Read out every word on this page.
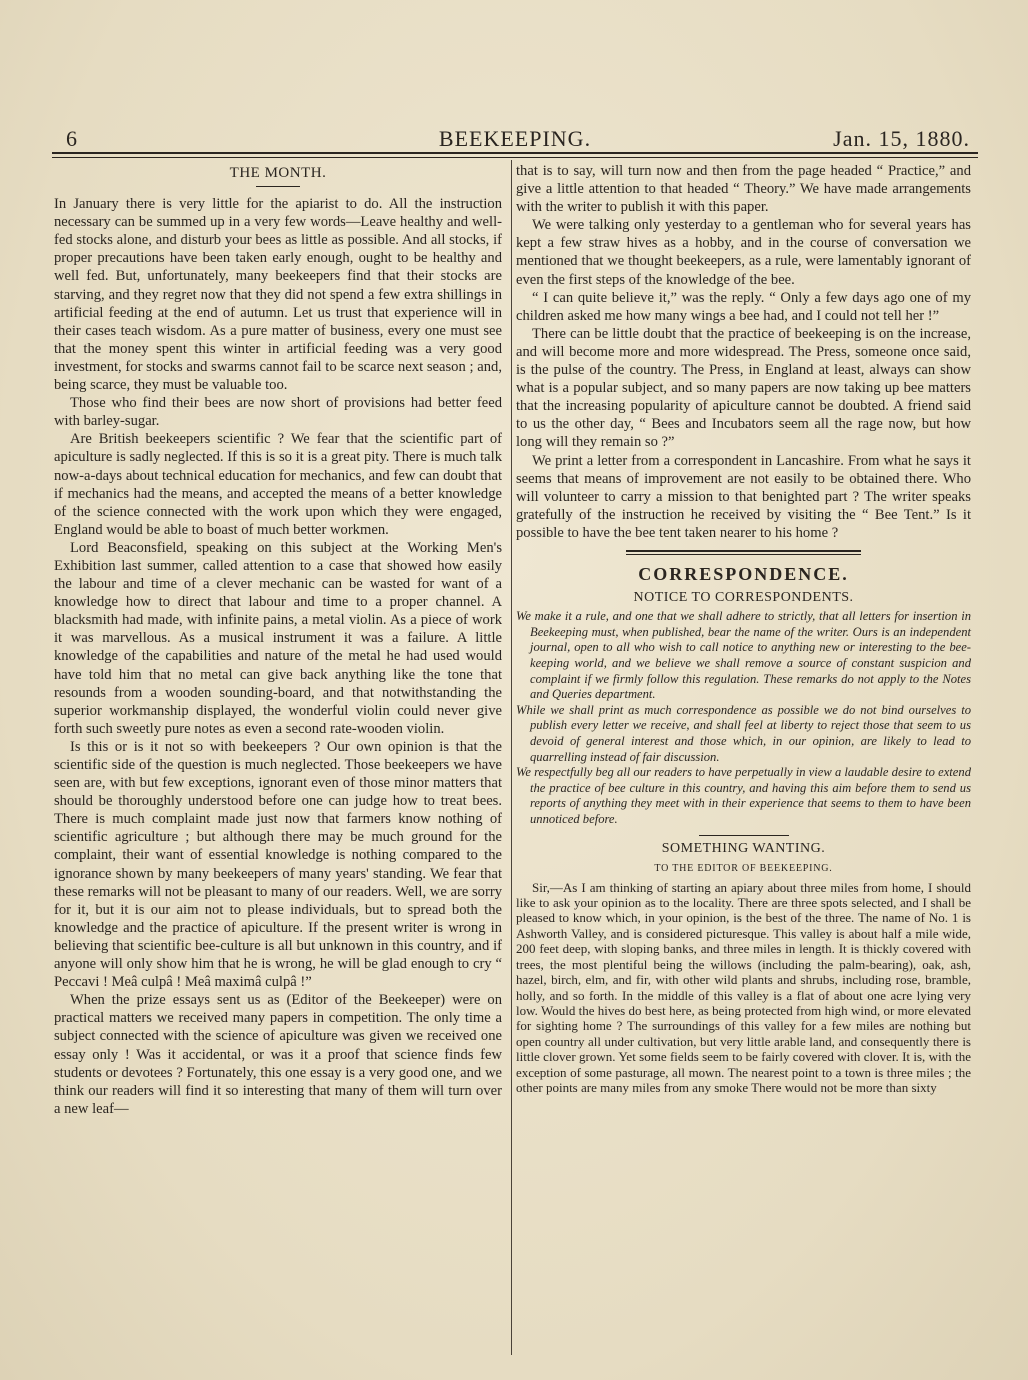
6	BEEKEEPING.	Jan. 15, 1880.
THE MONTH.

In January there is very little for the apiarist to do. All the instruction necessary can be summed up in a very few words—Leave healthy and well-fed stocks alone, and disturb your bees as little as possible. And all stocks, if proper precautions have been taken early enough, ought to be healthy and well fed. But, unfortunately, many beekeepers find that their stocks are starving, and they regret now that they did not spend a few extra shillings in artificial feeding at the end of autumn. Let us trust that experience will in their cases teach wisdom. As a pure matter of business, every one must see that the money spent this winter in artificial feeding was a very good investment, for stocks and swarms cannot fail to be scarce next season ; and, being scarce, they must be valuable too.

Those who find their bees are now short of provisions had better feed with barley-sugar.

Are British beekeepers scientific ? We fear that the scientific part of apiculture is sadly neglected. If this is so it is a great pity. There is much talk now-a-days about technical education for mechanics, and few can doubt that if mechanics had the means, and accepted the means of a better knowledge of the science connected with the work upon which they were engaged, England would be able to boast of much better workmen.

Lord Beaconsfield, speaking on this subject at the Working Men's Exhibition last summer, called attention to a case that showed how easily the labour and time of a clever mechanic can be wasted for want of a knowledge how to direct that labour and time to a proper channel. A blacksmith had made, with infinite pains, a metal violin. As a piece of work it was marvellous. As a musical instrument it was a failure. A little knowledge of the capabilities and nature of the metal he had used would have told him that no metal can give back anything like the tone that resounds from a wooden sounding-board, and that notwithstanding the superior workmanship displayed, the wonderful violin could never give forth such sweetly pure notes as even a second rate-wooden violin.

Is this or is it not so with beekeepers ? Our own opinion is that the scientific side of the question is much neglected. Those beekeepers we have seen are, with but few exceptions, ignorant even of those minor matters that should be thoroughly understood before one can judge how to treat bees. There is much complaint made just now that farmers know nothing of scientific agriculture ; but although there may be much ground for the complaint, their want of essential knowledge is nothing compared to the ignorance shown by many beekeepers of many years' standing. We fear that these remarks will not be pleasant to many of our readers. Well, we are sorry for it, but it is our aim not to please individuals, but to spread both the knowledge and the practice of apiculture. If the present writer is wrong in believing that scientific bee-culture is all but unknown in this country, and if anyone will only show him that he is wrong, he will be glad enough to cry “ Peccavi ! Meâ culpâ ! Meâ maximâ culpâ !”

When the prize essays sent us as (Editor of the Beekeeper) were on practical matters we received many papers in competition. The only time a subject connected with the science of apiculture was given we received one essay only ! Was it accidental, or was it a proof that science finds few students or devotees ? Fortunately, this one essay is a very good one, and we think our readers will find it so interesting that many of them will turn over a new leaf—

that is to say, will turn now and then from the page headed “ Practice,” and give a little attention to that headed “ Theory.” We have made arrangements with the writer to publish it with this paper.

We were talking only yesterday to a gentleman who for several years has kept a few straw hives as a hobby, and in the course of conversation we mentioned that we thought beekeepers, as a rule, were lamentably ignorant of even the first steps of the knowledge of the bee.

“ I can quite believe it,” was the reply. “ Only a few days ago one of my children asked me how many wings a bee had, and I could not tell her !”

There can be little doubt that the practice of beekeeping is on the increase, and will become more and more widespread. The Press, someone once said, is the pulse of the country. The Press, in England at least, always can show what is a popular subject, and so many papers are now taking up bee matters that the increasing popularity of apiculture cannot be doubted. A friend said to us the other day, “ Bees and Incubators seem all the rage now, but how long will they remain so ?”

We print a letter from a correspondent in Lancashire. From what he says it seems that means of improvement are not easily to be obtained there. Who will volunteer to carry a mission to that benighted part ? The writer speaks gratefully of the instruction he received by visiting the “ Bee Tent.” Is it possible to have the bee tent taken nearer to his home ?

CORRESPONDENCE.
NOTICE TO CORRESPONDENTS.

We make it a rule, and one that we shall adhere to strictly, that all letters for insertion in Beekeeping must, when published, bear the name of the writer. Ours is an independent journal, open to all who wish to call notice to anything new or interesting to the bee-keeping world, and we believe we shall remove a source of constant suspicion and complaint if we firmly follow this regulation. These remarks do not apply to the Notes and Queries department.

While we shall print as much correspondence as possible we do not bind ourselves to publish every letter we receive, and shall feel at liberty to reject those that seem to us devoid of general interest and those which, in our opinion, are likely to lead to quarrelling instead of fair discussion.

We respectfully beg all our readers to have perpetually in view a laudable desire to extend the practice of bee culture in this country, and having this aim before them to send us reports of anything they meet with in their experience that seems to them to have been unnoticed before.

SOMETHING WANTING.
TO THE EDITOR OF BEEKEEPING.

Sir,—As I am thinking of starting an apiary about three miles from home, I should like to ask your opinion as to the locality. There are three spots selected, and I shall be pleased to know which, in your opinion, is the best of the three. The name of No. 1 is Ashworth Valley, and is considered picturesque. This valley is about half a mile wide, 200 feet deep, with sloping banks, and three miles in length. It is thickly covered with trees, the most plentiful being the willows (including the palm-bearing), oak, ash, hazel, birch, elm, and fir, with other wild plants and shrubs, including rose, bramble, holly, and so forth. In the middle of this valley is a flat of about one acre lying very low. Would the hives do best here, as being protected from high wind, or more elevated for sighting home ? The surroundings of this valley for a few miles are nothing but open country all under cultivation, but very little arable land, and consequently there is little clover grown. Yet some fields seem to be fairly covered with clover. It is, with the exception of some pasturage, all mown. The nearest point to a town is three miles ; the other points are many miles from any smoke There would not be more than sixty
